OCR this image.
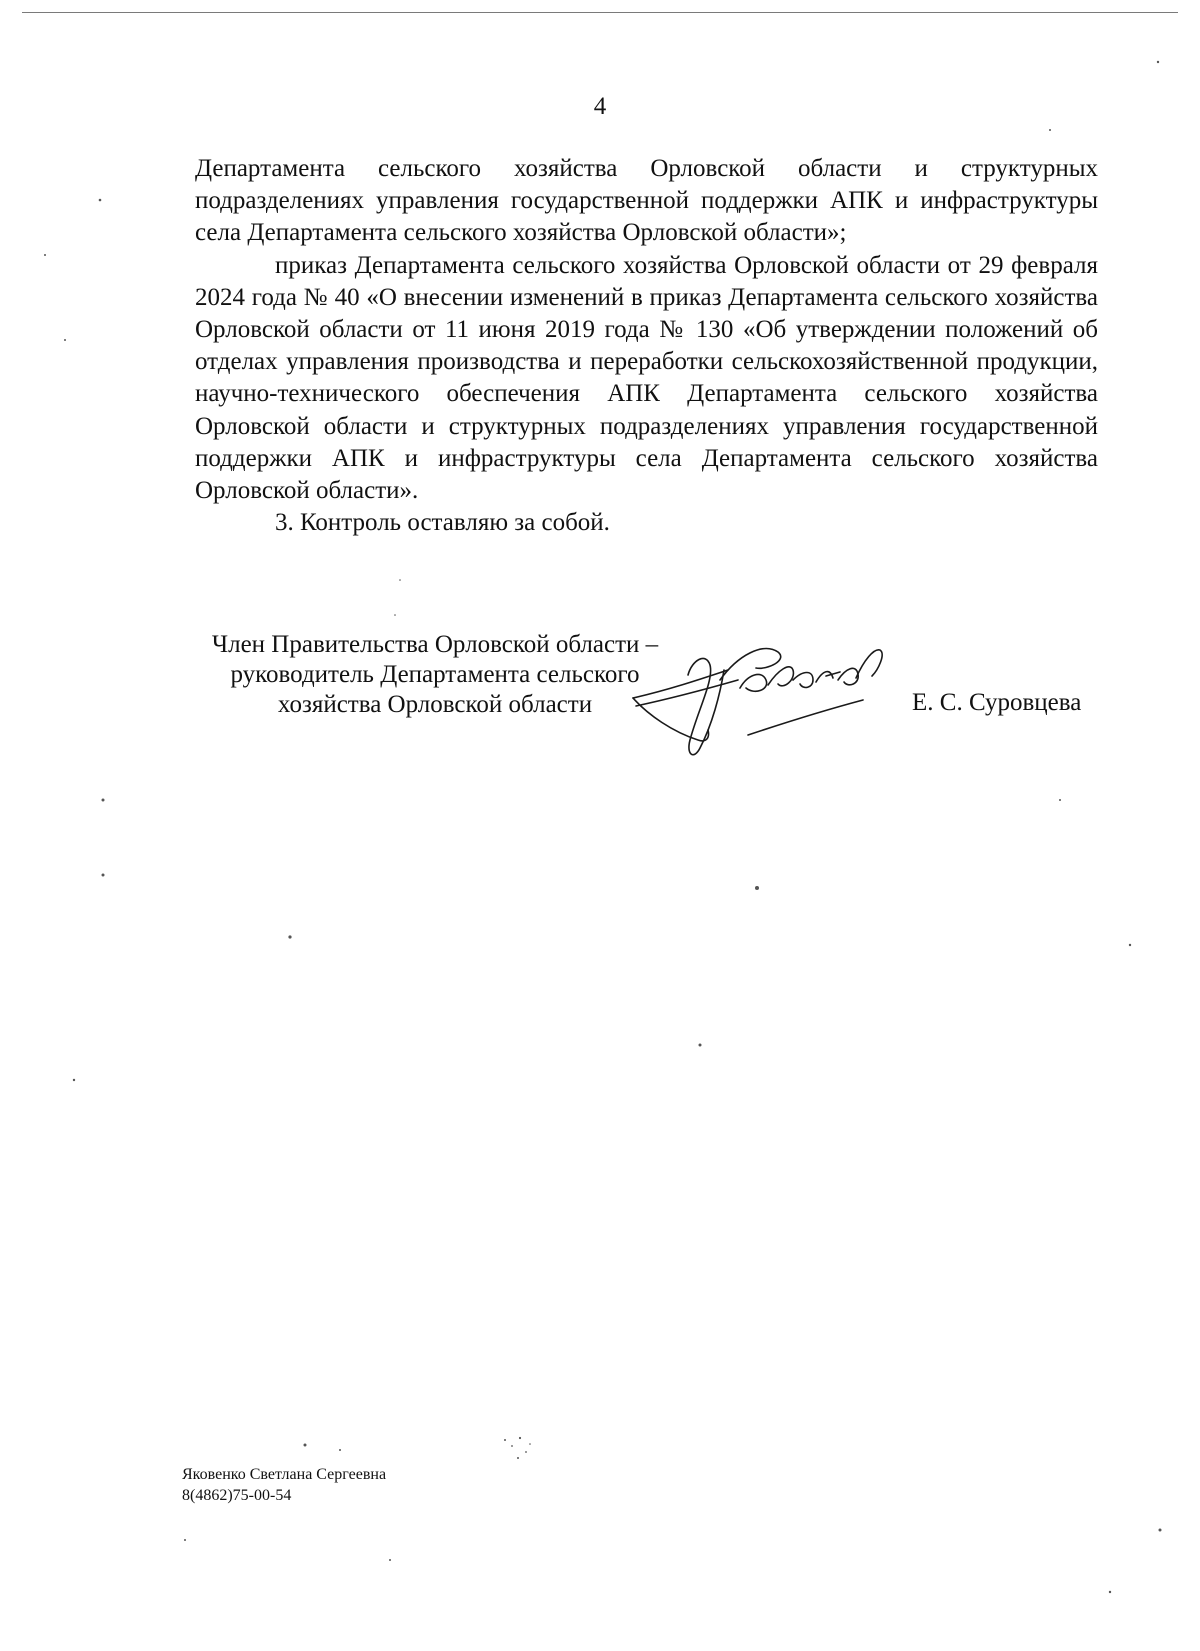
4

Департамента сельского хозяйства Орловской области и структурных подразделениях управления государственной поддержки АПК и инфраструктуры села Департамента сельского хозяйства Орловской области»;

приказ Департамента сельского хозяйства Орловской области от 29 февраля 2024 года № 40 «О внесении изменений в приказ Департамента сельского хозяйства Орловской области от 11 июня 2019 года № 130 «Об утверждении положений об отделах управления производства и переработки сельскохозяйственной продукции, научно-технического обеспечения АПК Департамента сельского хозяйства Орловской области и структурных подразделениях управления государственной поддержки АПК и инфраструктуры села Департамента сельского хозяйства Орловской области».

3. Контроль оставляю за собой.

Член Правительства Орловской области –
руководитель Департамента сельского
хозяйства Орловской области	Е. С. Суровцева
Яковенко Светлана Сергеевна
8(4862)75-00-54
